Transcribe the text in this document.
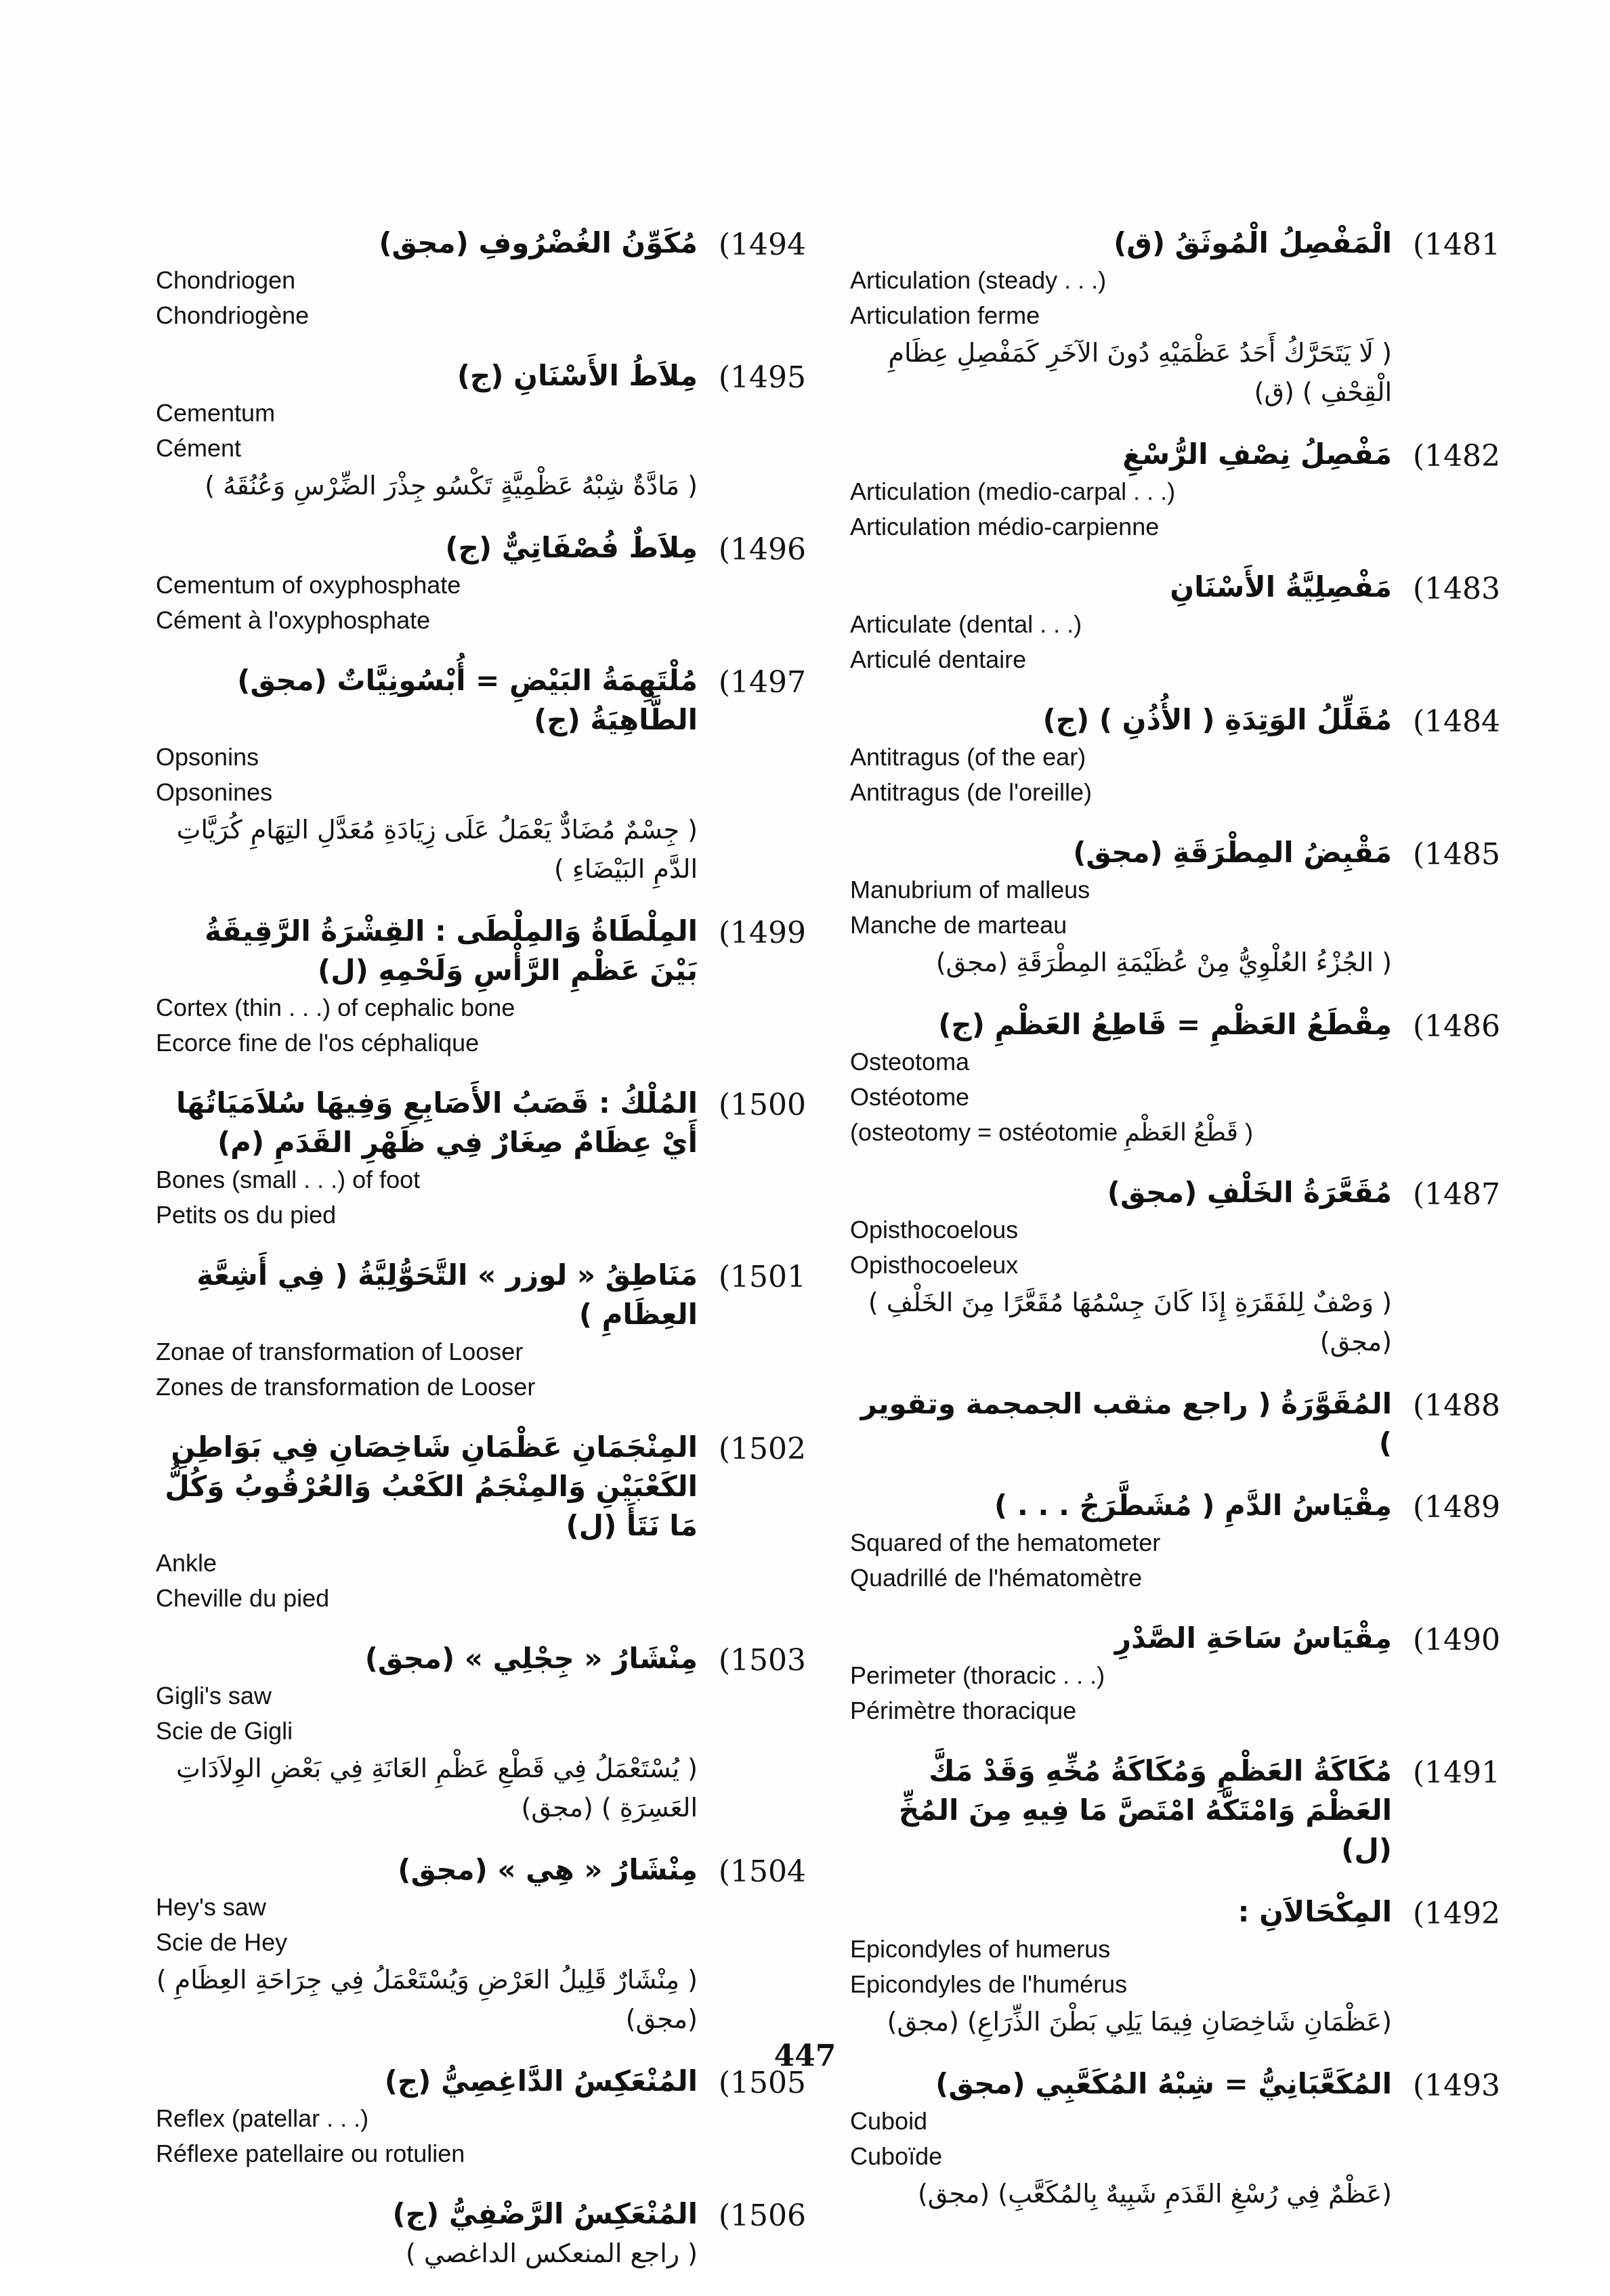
(1494
مُكَوِّنُ الغُضْرُوفِ (مجق)
Chondriogen
Chondriogène
(1495
مِلاَطُ الأَسْنَانِ (ج)
Cementum
Cément
( مَادَّةٌ شِبْهُ عَظْمِيَّةٍ تَكْسُو جِذْرَ الضِّرْسِ وَعُنُقَهُ )
(1496
مِلاَطٌ فُصْفَاتِيٌّ (ج)
Cementum of oxyphosphate
Cément à l'oxyphosphate
(1497
مُلْتَهِمَةُ البَيْضِ = أُبْسُونِيَّاتٌ (مجق) الطَّاهِيَةُ (ج)
Opsonins
Opsonines
( جِسْمٌ مُضَادٌّ يَعْمَلُ عَلَى زِيَادَةِ مُعَدَّلِ التِهَامِ كُرَيَّاتِ الدَّمِ البَيْضَاءِ )
(1499
المِلْطَاةُ وَالمِلْطَى : القِشْرَةُ الرَّقِيقَةُ بَيْنَ عَظْمِ الرَّأْسِ وَلَحْمِهِ (ل)
Cortex (thin . . .) of cephalic bone
Ecorce fine de l'os céphalique
(1500
المُلْكُ : قَصَبُ الأَصَابِعِ وَفِيهَا سُلاَمَيَاتُهَا أَيْ عِظَامٌ صِغَارٌ فِي ظَهْرِ القَدَمِ (م)
Bones (small . . .) of foot
Petits os du pied
(1501
مَنَاطِقُ « لوزر » التَّحَوُّلِيَّةُ ( فِي أَشِعَّةِ العِظَامِ )
Zonae of transformation of Looser
Zones de transformation de Looser
(1502
المِنْجَمَانِ عَظْمَانِ شَاخِصَانِ فِي بَوَاطِنِ الكَعْبَيْنِ وَالمِنْجَمُ الكَعْبُ وَالعُرْقُوبُ وَكُلُّ مَا نَتَأَ (ل)
Ankle
Cheville du pied
(1503
مِنْشَارُ « جِجْلِي » (مجق)
Gigli's saw
Scie de Gigli
( يُسْتَعْمَلُ فِي قَطْعِ عَظْمِ العَانَةِ فِي بَعْضِ الوِلاَدَاتِ العَسِرَةِ ) (مجق)
(1504
مِنْشَارُ « هِي » (مجق)
Hey's saw
Scie de Hey
( مِنْشَارٌ قَلِيلُ العَرْضِ وَيُسْتَعْمَلُ فِي جِرَاحَةِ العِظَامِ ) (مجق)
(1505
المُنْعَكِسُ الدَّاغِصِيُّ (ج)
Reflex (patellar . . .)
Réflexe patellaire ou rotulien
(1506
المُنْعَكِسُ الرَّضْفِيُّ (ج)
( راجع المنعكس الداغصي )
(1481
الْمَفْصِلُ الْمُوثَقُ (ق)
Articulation (steady . . .)
Articulation ferme
( لَا يَتَحَرَّكُ أَحَدُ عَظْمَيْهِ دُونَ الآخَرِ كَمَفْصِلِ عِظَامِ الْقِحْفِ ) (ق)
(1482
مَفْصِلُ نِصْفِ الرُّسْغِ
Articulation (medio-carpal . . .)
Articulation médio-carpienne
(1483
مَفْصِلِيَّةُ الأَسْنَانِ
Articulate (dental . . .)
Articulé dentaire
(1484
مُقَلِّلُ الوَتِدَةِ ( الأُذُنِ ) (ج)
Antitragus (of the ear)
Antitragus (de l'oreille)
(1485
مَقْبِضُ المِطْرَقَةِ (مجق)
Manubrium of malleus
Manche de marteau
( الجُزْءُ العُلْوِيُّ مِنْ عُظَيْمَةِ المِطْرَقَةِ (مجق)
(1486
مِقْطَعُ العَظْمِ = قَاطِعُ العَظْمِ (ج)
Osteotoma
Ostéotome
(osteotomy = ostéotomie قَطْعُ العَظْمِ )
(1487
مُقَعَّرَةُ الخَلْفِ (مجق)
Opisthocoelous
Opisthocoeleux
( وَصْفٌ لِلفَقَرَةِ إِذَا كَانَ جِسْمُهَا مُقَعَّرًا مِنَ الخَلْفِ ) (مجق)
(1488
المُقَوَّرَةُ ( راجع مثقب الجمجمة وتقوير )
(1489
مِقْيَاسُ الدَّمِ ( مُشَطَّرَجُ . . . )
Squared of the hematometer
Quadrillé de l'hématomètre
(1490
مِقْيَاسُ سَاحَةِ الصَّدْرِ
Perimeter (thoracic . . .)
Périmètre thoracique
(1491
مُكَاكَةُ العَظْمِ وَمُكَاكَةُ مُخِّهِ وَقَدْ مَكَّ العَظْمَ وَامْتَكَّهُ امْتَصَّ مَا فِيهِ مِنَ المُخِّ (ل)
(1492
المِكْحَالاَنِ :
Epicondyles of humerus
Epicondyles de l'humérus
(عَظْمَانِ شَاخِصَانِ فِيمَا يَلِي بَطْنَ الذِّرَاعِ) (مجق)
(1493
المُكَعَّبَانِيُّ = شِبْهُ المُكَعَّبِي (مجق)
Cuboid
Cuboïde
(عَظْمٌ فِي رُسْغِ القَدَمِ شَبِيهٌ بِالمُكَعَّبِ) (مجق)
447
